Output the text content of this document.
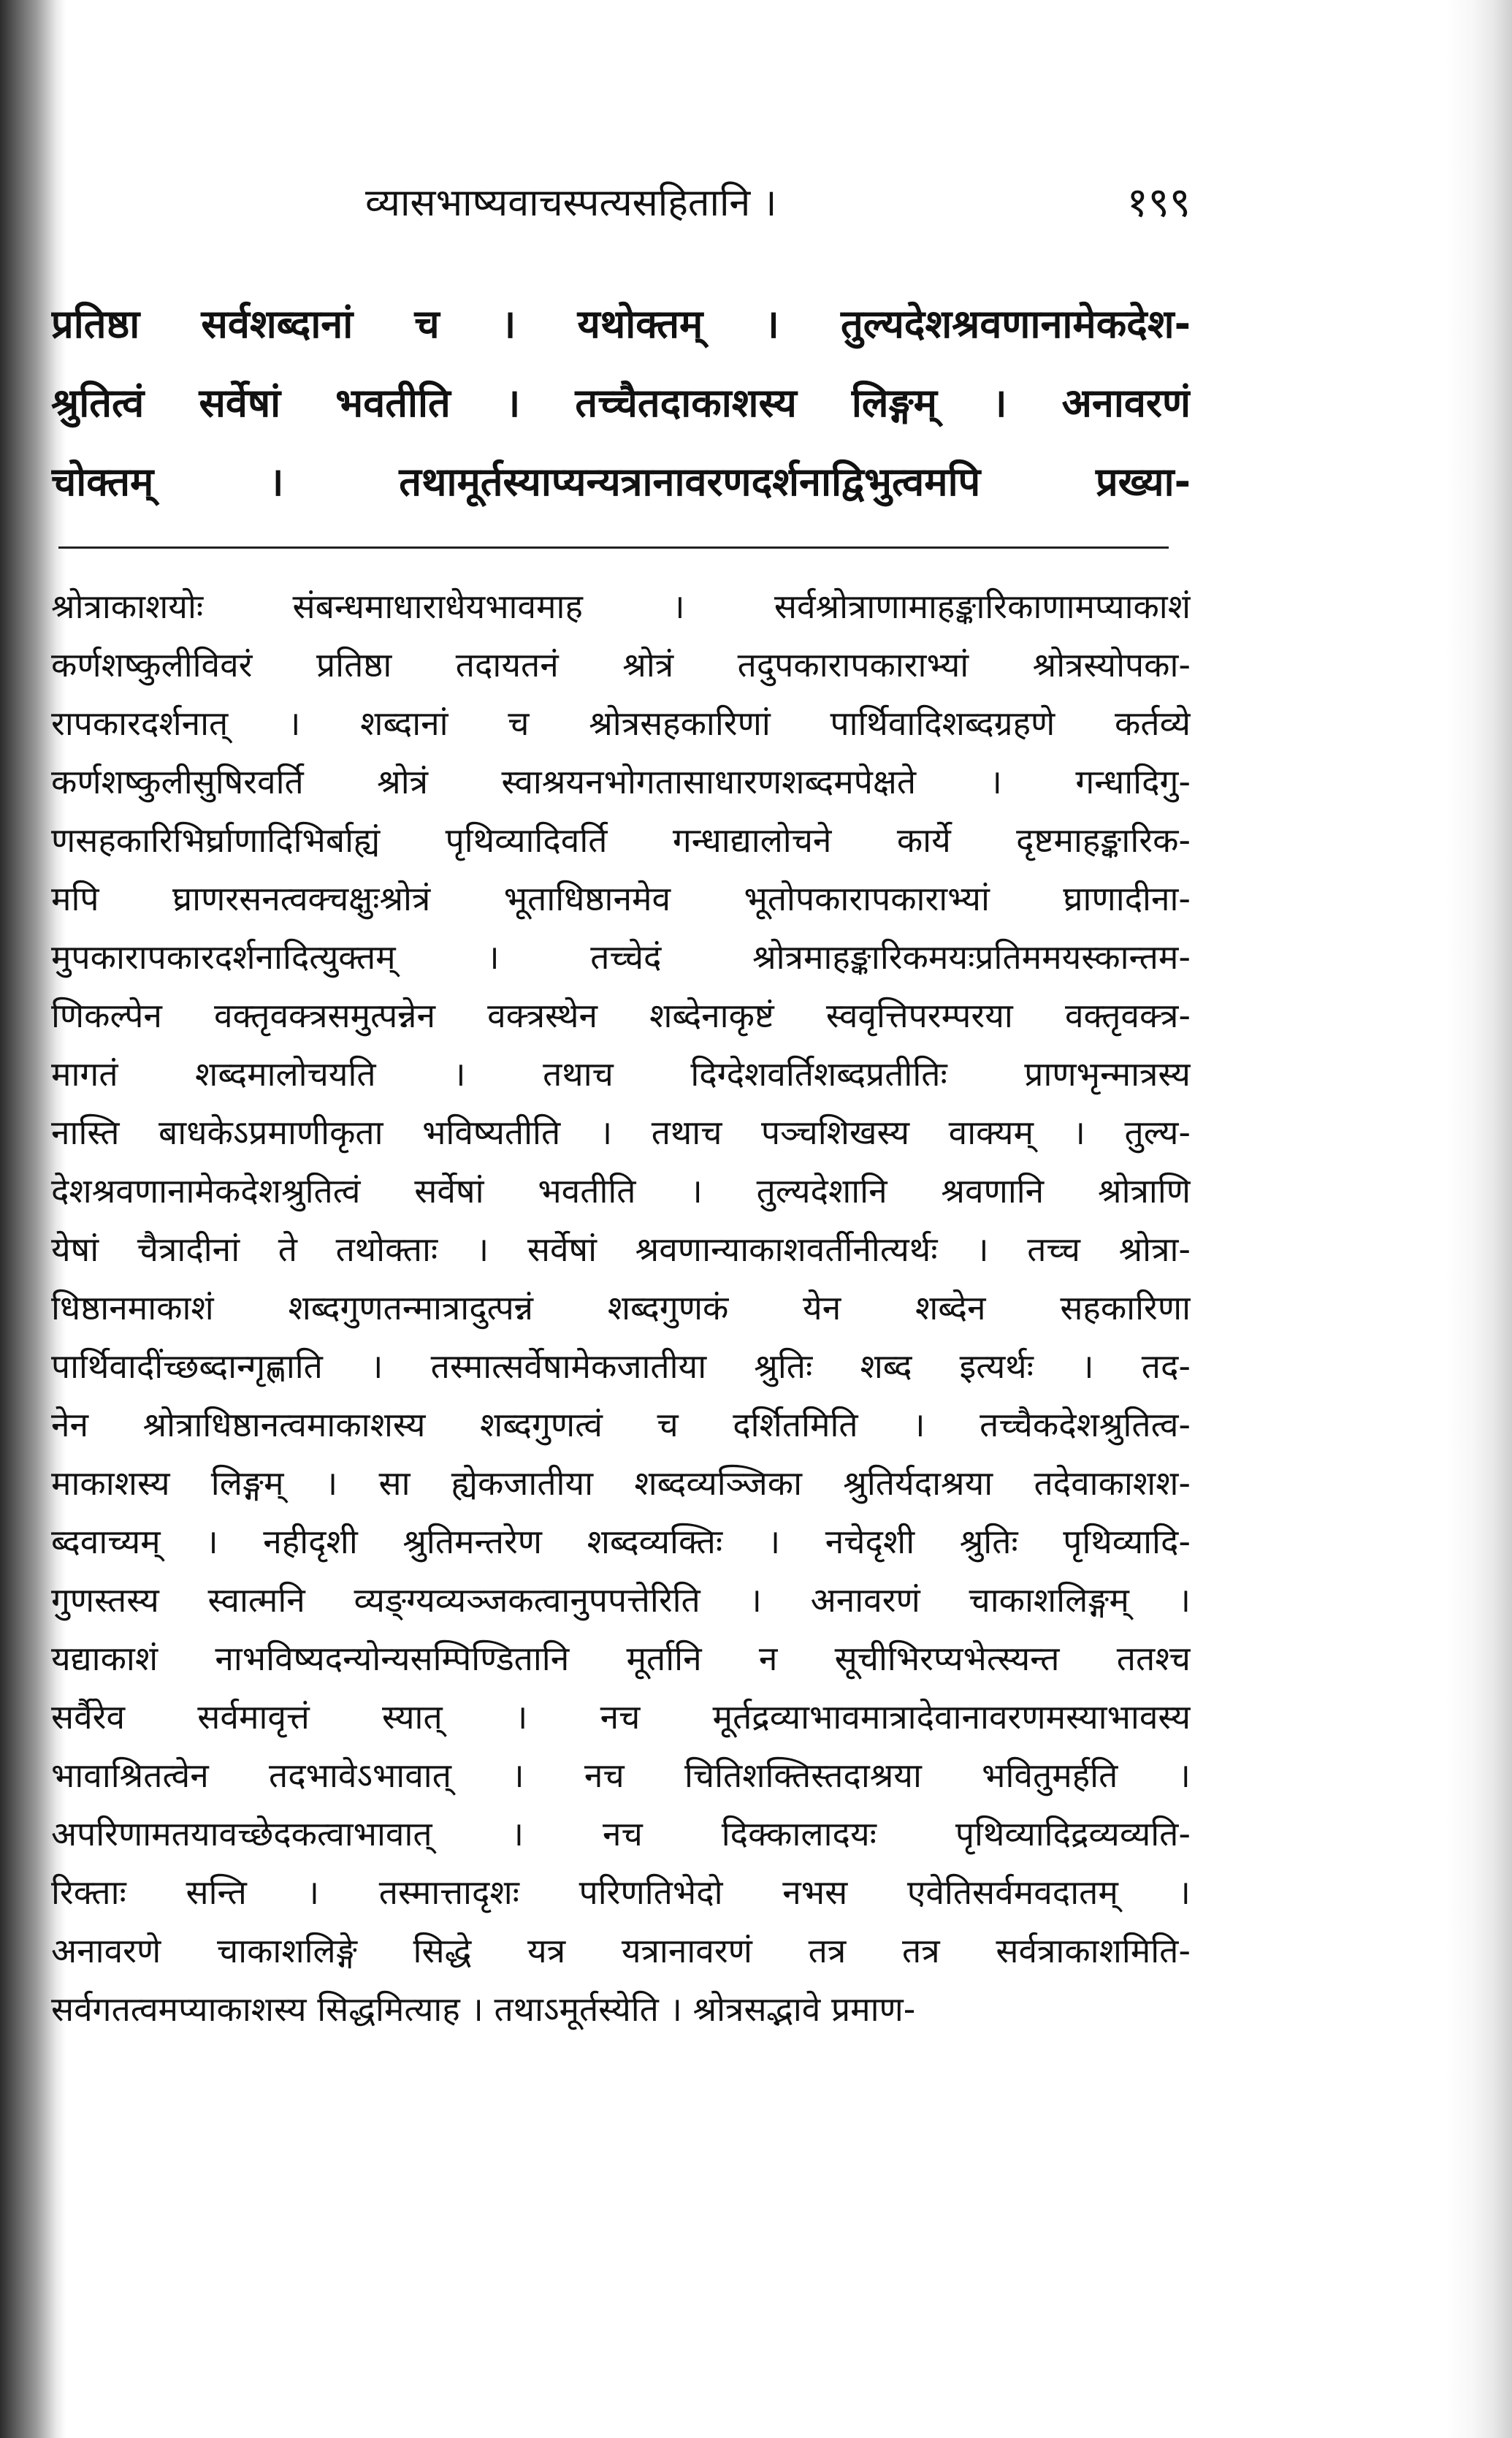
व्यासभाष्यवाचस्पत्यसहितानि ।	१९९
प्रतिष्ठा सर्वशब्दानां च । यथोक्तम् । तुल्यदेशश्रवणानामेकदेश-
श्रुतित्वं सर्वेषां भवतीति । तच्चैतदाकाशस्य लिङ्गम् । अनावरणं
चोक्तम् । तथामूर्तस्याप्यन्यत्रानावरणदर्शनाद्विभुत्वमपि प्रख्या-
श्रोत्राकाशयोः संबन्धमाधाराधेयभावमाह । सर्वश्रोत्राणामाहङ्कारिकाणामप्याकाशं
कर्णशष्कुलीविवरं प्रतिष्ठा तदायतनं श्रोत्रं तदुपकारापकाराभ्यां श्रोत्रस्योपका-
रापकारदर्शनात् । शब्दानां च श्रोत्रसहकारिणां पार्थिवादिशब्दग्रहणे कर्तव्ये
कर्णशष्कुलीसुषिरवर्ति श्रोत्रं स्वाश्रयनभोगतासाधारणशब्दमपेक्षते । गन्धादिगु-
णसहकारिभिर्घ्राणादिभिर्बाह्यं पृथिव्यादिवर्ति गन्धाद्यालोचने कार्ये दृष्टमाहङ्कारिक-
मपि घ्राणरसनत्वक्चक्षुःश्रोत्रं भूताधिष्ठानमेव भूतोपकारापकाराभ्यां घ्राणादीना-
मुपकारापकारदर्शनादित्युक्तम् । तच्चेदं श्रोत्रमाहङ्कारिकमयःप्रतिममयस्कान्तम-
णिकल्पेन वक्तृवक्त्रसमुत्पन्नेन वक्त्रस्थेन शब्देनाकृष्टं स्ववृत्तिपरम्परया वक्तृवक्त्र-
मागतं शब्दमालोचयति । तथाच दिग्देशवर्तिशब्दप्रतीतिः प्राणभृन्मात्रस्य
नास्ति बाधकेऽप्रमाणीकृता भविष्यतीति । तथाच पञ्चशिखस्य वाक्यम् । तुल्य-
देशश्रवणानामेकदेशश्रुतित्वं सर्वेषां भवतीति । तुल्यदेशानि श्रवणानि श्रोत्राणि
येषां चैत्रादीनां ते तथोक्ताः । सर्वेषां श्रवणान्याकाशवर्तीनीत्यर्थः । तच्च श्रोत्रा-
धिष्ठानमाकाशं शब्दगुणतन्मात्रादुत्पन्नं शब्दगुणकं येन शब्देन सहकारिणा
पार्थिवादींच्छब्दान्गृह्णाति । तस्मात्सर्वेषामेकजातीया श्रुतिः शब्द इत्यर्थः । तद-
नेन श्रोत्राधिष्ठानत्वमाकाशस्य शब्दगुणत्वं च दर्शितमिति । तच्चैकदेशश्रुतित्व-
माकाशस्य लिङ्गम् । सा ह्येकजातीया शब्दव्यञ्जिका श्रुतिर्यदाश्रया तदेवाकाशश-
ब्दवाच्यम् । नहीदृशी श्रुतिमन्तरेण शब्दव्यक्तिः । नचेदृशी श्रुतिः पृथिव्यादि-
गुणस्तस्य स्वात्मनि व्यङ्ग्यव्यञ्जकत्वानुपपत्तेरिति । अनावरणं चाकाशलिङ्गम् ।
यद्याकाशं नाभविष्यदन्योन्यसम्पिण्डितानि मूर्तानि न सूचीभिरप्यभेत्स्यन्त ततश्च
सर्वैरेव सर्वमावृत्तं स्यात् । नच मूर्तद्रव्याभावमात्रादेवानावरणमस्याभावस्य
भावाश्रितत्वेन तदभावेऽभावात् । नच चितिशक्तिस्तदाश्रया भवितुमर्हति ।
अपरिणामतयावच्छेदकत्वाभावात् । नच दिक्कालादयः पृथिव्यादिद्रव्यव्यति-
रिक्ताः सन्ति । तस्मात्तादृशः परिणतिभेदो नभस एवेतिसर्वमवदातम् ।
अनावरणे चाकाशलिङ्गे सिद्धे यत्र यत्रानावरणं तत्र तत्र सर्वत्राकाशमिति-
सर्वगतत्वमप्याकाशस्य सिद्धमित्याह । तथाऽमूर्तस्येति । श्रोत्रसद्भावे प्रमाण-
